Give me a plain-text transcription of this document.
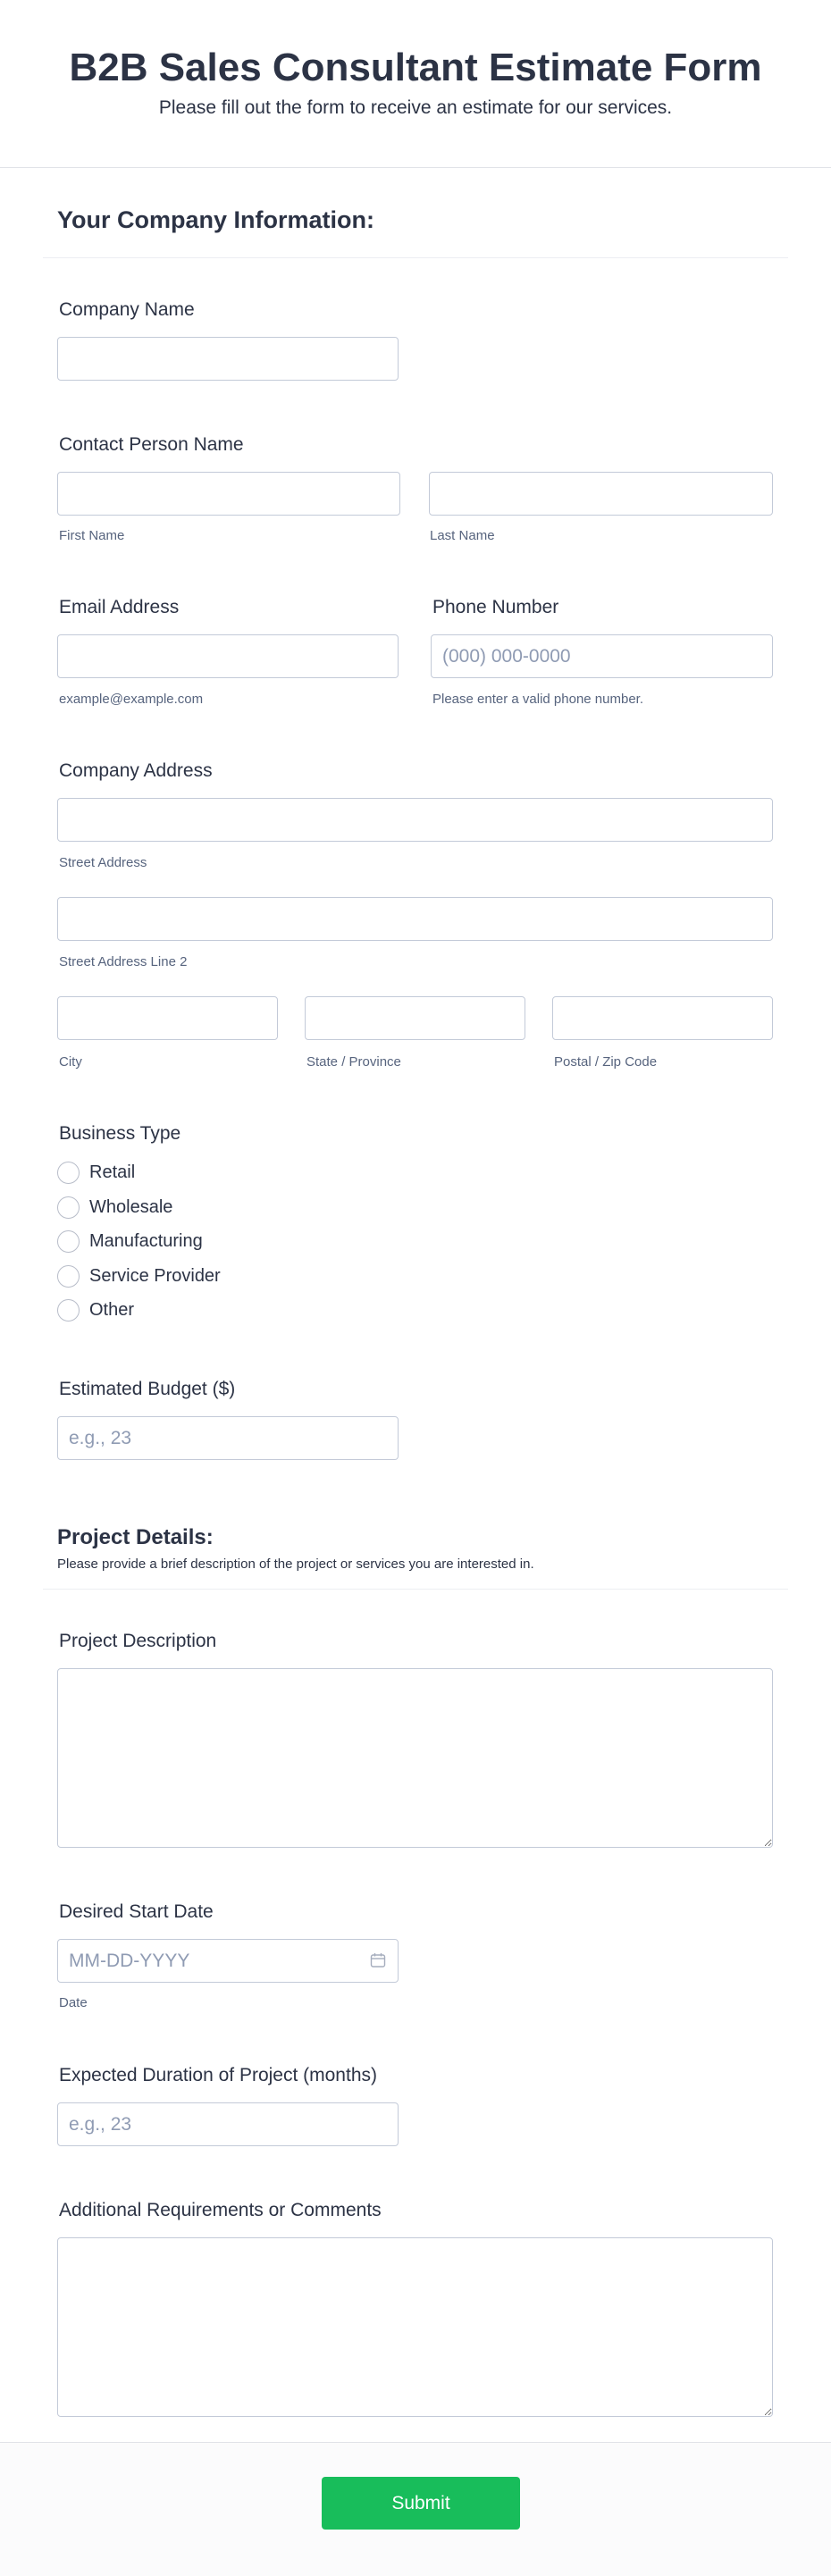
B2B Sales Consultant Estimate Form
Please fill out the form to receive an estimate for our services.
Your Company Information:
Company Name
Contact Person Name
First Name	Last Name
Email Address	Phone Number
(000) 000-0000
example@example.com	Please enter a valid phone number.
Company Address
Street Address
Street Address Line 2
City	State / Province	Postal / Zip Code
Business Type
Retail
Wholesale
Manufacturing
Service Provider
Other
Estimated Budget ($)
e.g., 23
Project Details:
Please provide a brief description of the project or services you are interested in.
Project Description
Desired Start Date
MM-DD-YYYY
Date
Expected Duration of Project (months)
e.g., 23
Additional Requirements or Comments
Submit
